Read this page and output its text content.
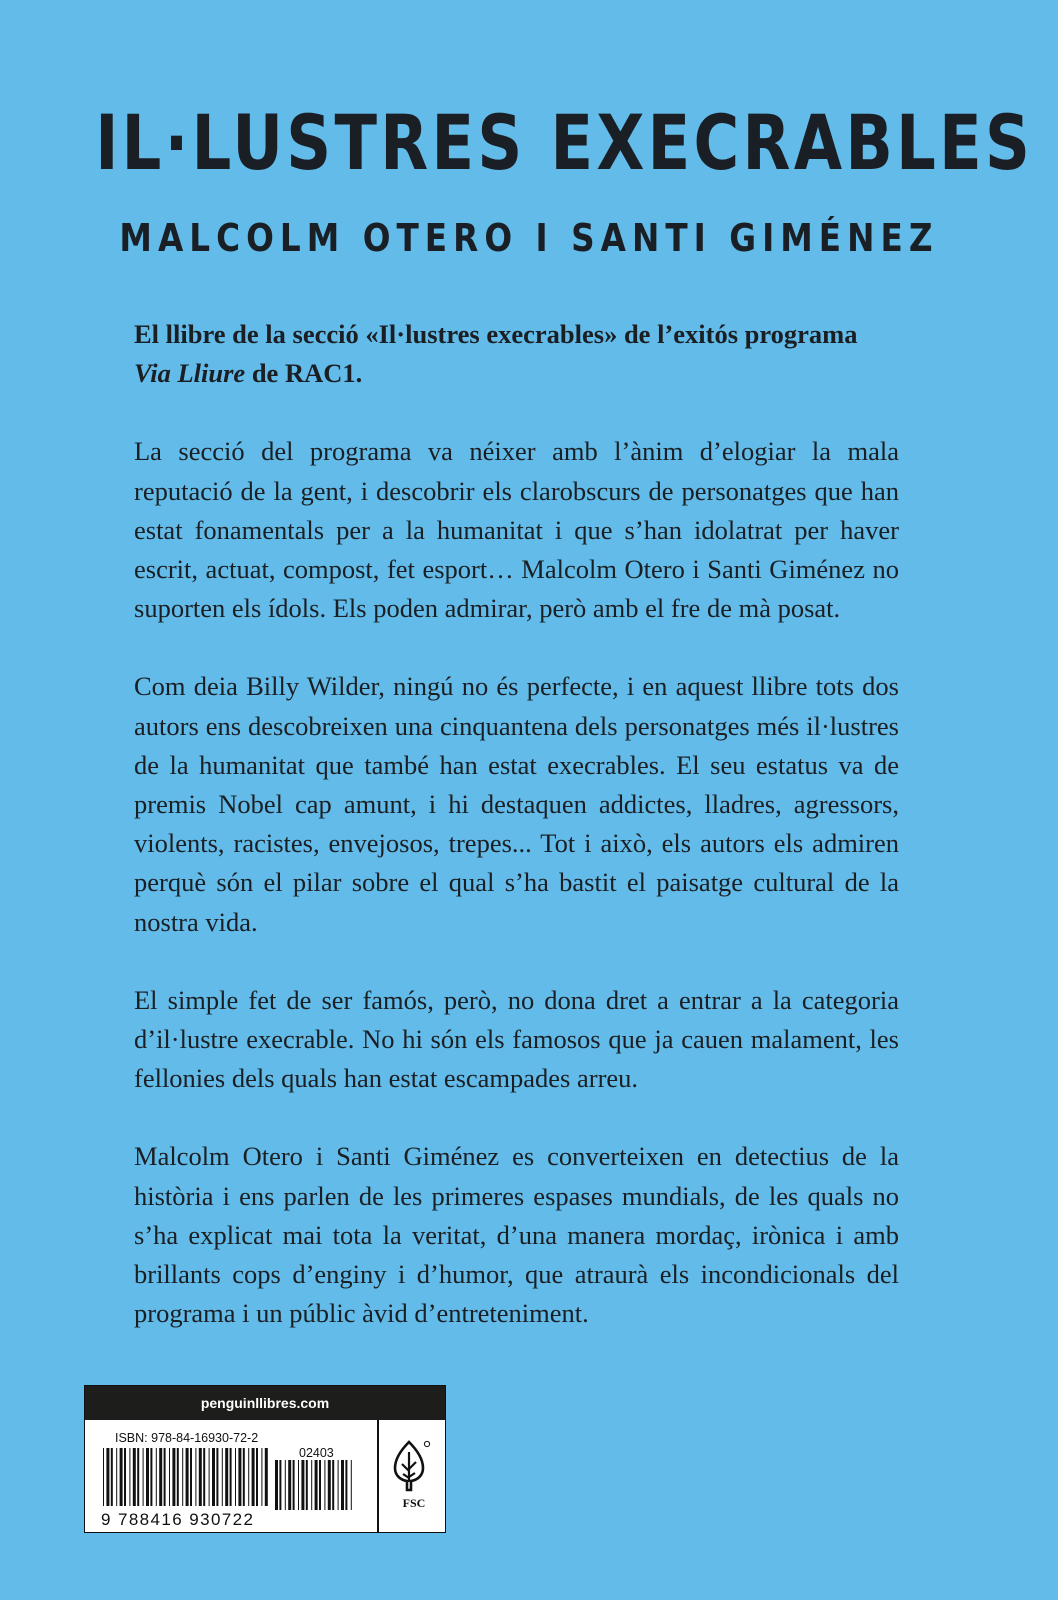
IL·LUSTRES EXECRABLES
MALCOLM OTERO I SANTI GIMÉNEZ

El llibre de la secció «Il·lustres execrables» de l’exitós programa Via Lliure de RAC1.

La secció del programa va néixer amb l’ànim d’elogiar la mala reputació de la gent, i descobrir els clarobscurs de personatges que han estat fonamentals per a la humanitat i que s’han idolatrat per haver escrit, actuat, compost, fet esport… Malcolm Otero i Santi Giménez no suporten els ídols. Els poden admirar, però amb el fre de mà posat.

Com deia Billy Wilder, ningú no és perfecte, i en aquest llibre tots dos autors ens descobreixen una cinquantena dels personatges més il·lustres de la humanitat que també han estat execrables. El seu estatus va de premis Nobel cap amunt, i hi destaquen addictes, lladres, agressors, violents, racistes, envejosos, trepes... Tot i això, els autors els admiren perquè són el pilar sobre el qual s’ha bastit el paisatge cultural de la nostra vida.

El simple fet de ser famós, però, no dona dret a entrar a la categoria d’il·lustre execrable. No hi són els famosos que ja cauen malament, les fellonies dels quals han estat escampades arreu.

Malcolm Otero i Santi Giménez es converteixen en detectius de la història i ens parlen de les primeres espases mundials, de les quals no s’ha explicat mai tota la veritat, d’una manera mordaç, irònica i amb brillants cops d’enginy i d’humor, que atraurà els incondicionals del programa i un públic àvid d’entreteniment.

penguinllibres.com
ISBN: 978-84-16930-72-2
02403
9 788416 930722
FSC
